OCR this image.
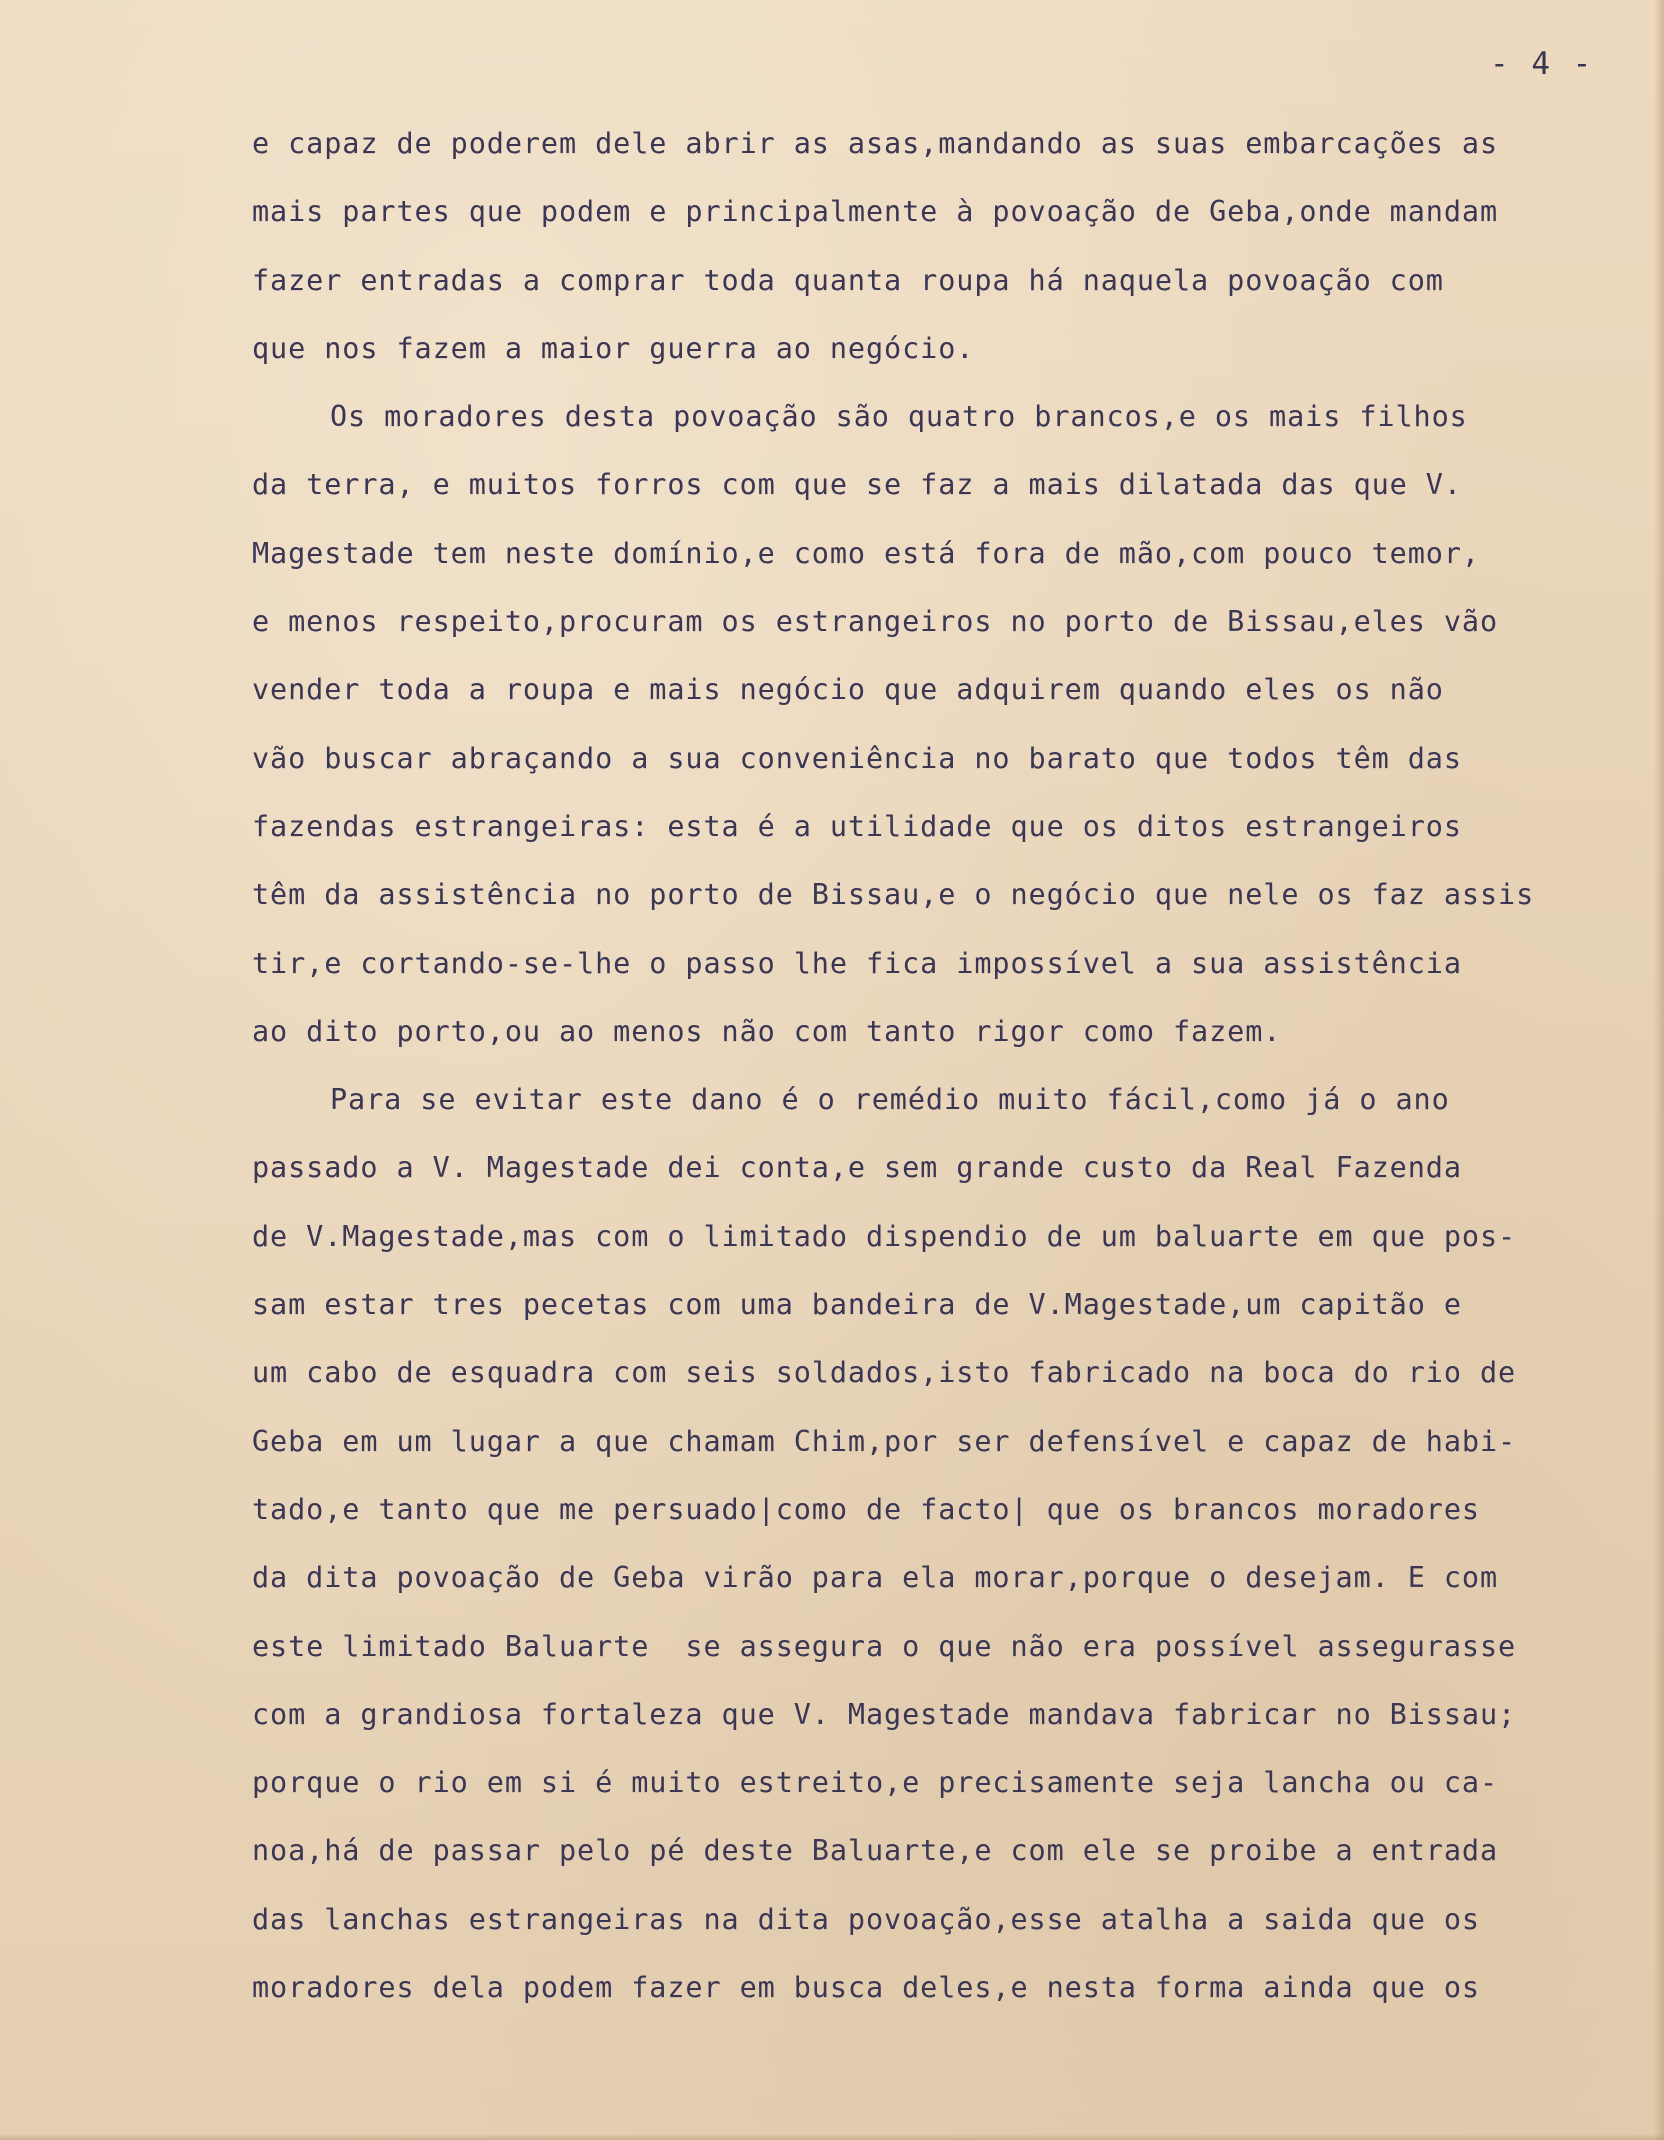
- 4 -
e capaz de poderem dele abrir as asas,mandando as suas embarcações as
mais partes que podem e principalmente à povoação de Geba,onde mandam
fazer entradas a comprar toda quanta roupa há naquela povoação com
que nos fazem a maior guerra ao negócio.
Os moradores desta povoação são quatro brancos,e os mais filhos
da terra, e muitos forros com que se faz a mais dilatada das que V.
Magestade tem neste domínio,e como está fora de mão,com pouco temor,
e menos respeito,procuram os estrangeiros no porto de Bissau,eles vão
vender toda a roupa e mais negócio que adquirem quando eles os não
vão buscar abraçando a sua conveniência no barato que todos têm das
fazendas estrangeiras: esta é a utilidade que os ditos estrangeiros
têm da assistência no porto de Bissau,e o negócio que nele os faz assis
tir,e cortando-se-lhe o passo lhe fica impossível a sua assistência
ao dito porto,ou ao menos não com tanto rigor como fazem.
Para se evitar este dano é o remédio muito fácil,como já o ano
passado a V. Magestade dei conta,e sem grande custo da Real Fazenda
de V.Magestade,mas com o limitado dispendio de um baluarte em que pos-
sam estar tres pecetas com uma bandeira de V.Magestade,um capitão e
um cabo de esquadra com seis soldados,isto fabricado na boca do rio de
Geba em um lugar a que chamam Chim,por ser defensível e capaz de habi-
tado,e tanto que me persuado|como de facto| que os brancos moradores
da dita povoação de Geba virão para ela morar,porque o desejam. E com
este limitado Baluarte  se assegura o que não era possível assegurasse
com a grandiosa fortaleza que V. Magestade mandava fabricar no Bissau;
porque o rio em si é muito estreito,e precisamente seja lancha ou ca-
noa,há de passar pelo pé deste Baluarte,e com ele se proibe a entrada
das lanchas estrangeiras na dita povoação,esse atalha a saida que os
moradores dela podem fazer em busca deles,e nesta forma ainda que os
